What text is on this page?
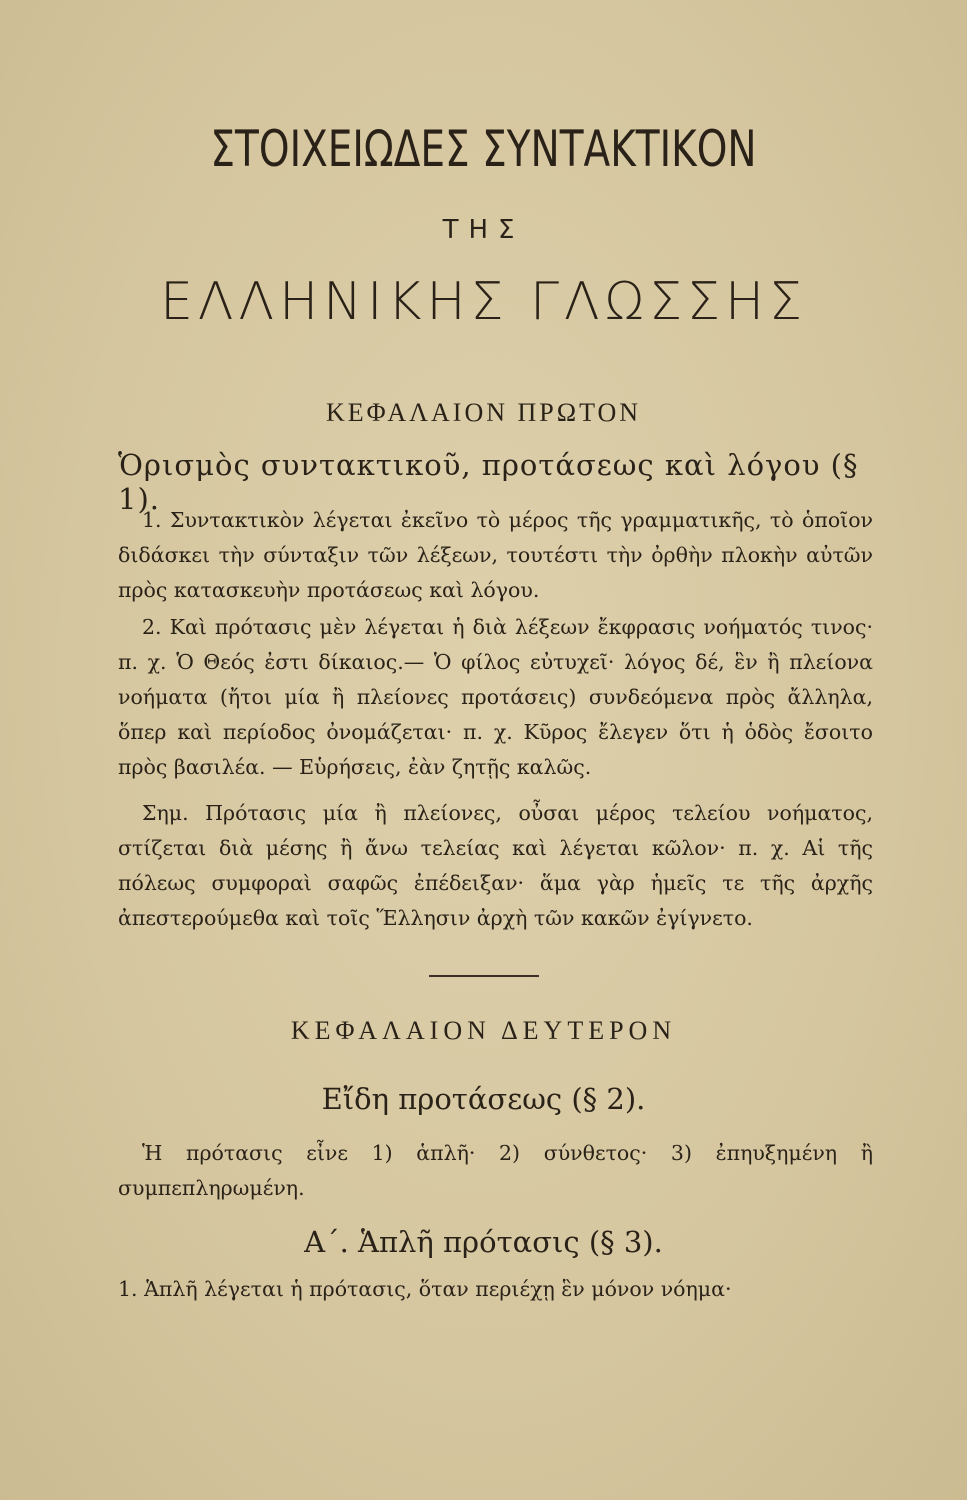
ΣΤΟΙΧΕΙΩΔΕΣ ΣΥΝΤΑΚΤΙΚΟΝ
ΤΗΣ
ΕΛΛΗΝΙΚΗΣ ΓΛΩΣΣΗΣ
ΚΕΦΑΛΑΙΟΝ ΠΡΩΤΟΝ
Ὁρισμὸς συντακτικοῦ, προτάσεως καὶ λόγου (§ 1).
1. Συντακτικὸν λέγεται ἐκεῖνο τὸ μέρος τῆς γραμματικῆς, τὸ ὁποῖον διδάσκει τὴν σύνταξιν τῶν λέξεων, τουτέστι τὴν ὀρθὴν πλοκὴν αὐτῶν πρὸς κατασκευὴν προτάσεως καὶ λόγου.
2. Καὶ πρότασις μὲν λέγεται ἡ διὰ λέξεων ἔκφρασις νοήματός τινος· π. χ. Ὁ Θεός ἐστι δίκαιος.— Ὁ φίλος εὐτυχεῖ· λόγος δέ, ἓν ἢ πλείονα νοήματα (ἤτοι μία ἢ πλείονες προτάσεις) συνδεόμενα πρὸς ἄλληλα, ὅπερ καὶ περίοδος ὀνομάζεται· π. χ. Κῦρος ἔλεγεν ὅτι ἡ ὁδὸς ἔσοιτο πρὸς βασιλέα. — Εὑρήσεις, ἐὰν ζητῇς καλῶς.
Σημ. Πρότασις μία ἢ πλείονες, οὖσαι μέρος τελείου νοήματος, στίζεται διὰ μέσης ἢ ἄνω τελείας καὶ λέγεται κῶλον· π. χ. Αἱ τῆς πόλεως συμφοραὶ σαφῶς ἐπέδειξαν· ἅμα γὰρ ἡμεῖς τε τῆς ἀρχῆς ἀπεστερούμεθα καὶ τοῖς Ἕλλησιν ἀρχὴ τῶν κακῶν ἐγίγνετο.
ΚΕΦΑΛΑΙΟΝ ΔΕΥΤΕΡΟΝ
Εἴδη προτάσεως (§ 2).
Ἡ πρότασις εἶνε 1) ἁπλῆ· 2) σύνθετος· 3) ἐπηυξημένη ἢ συμπεπληρωμένη.
Α΄. Ἁπλῆ πρότασις (§ 3).
1. Ἁπλῆ λέγεται ἡ πρότασις, ὅταν περιέχῃ ἓν μόνον νόημα·
